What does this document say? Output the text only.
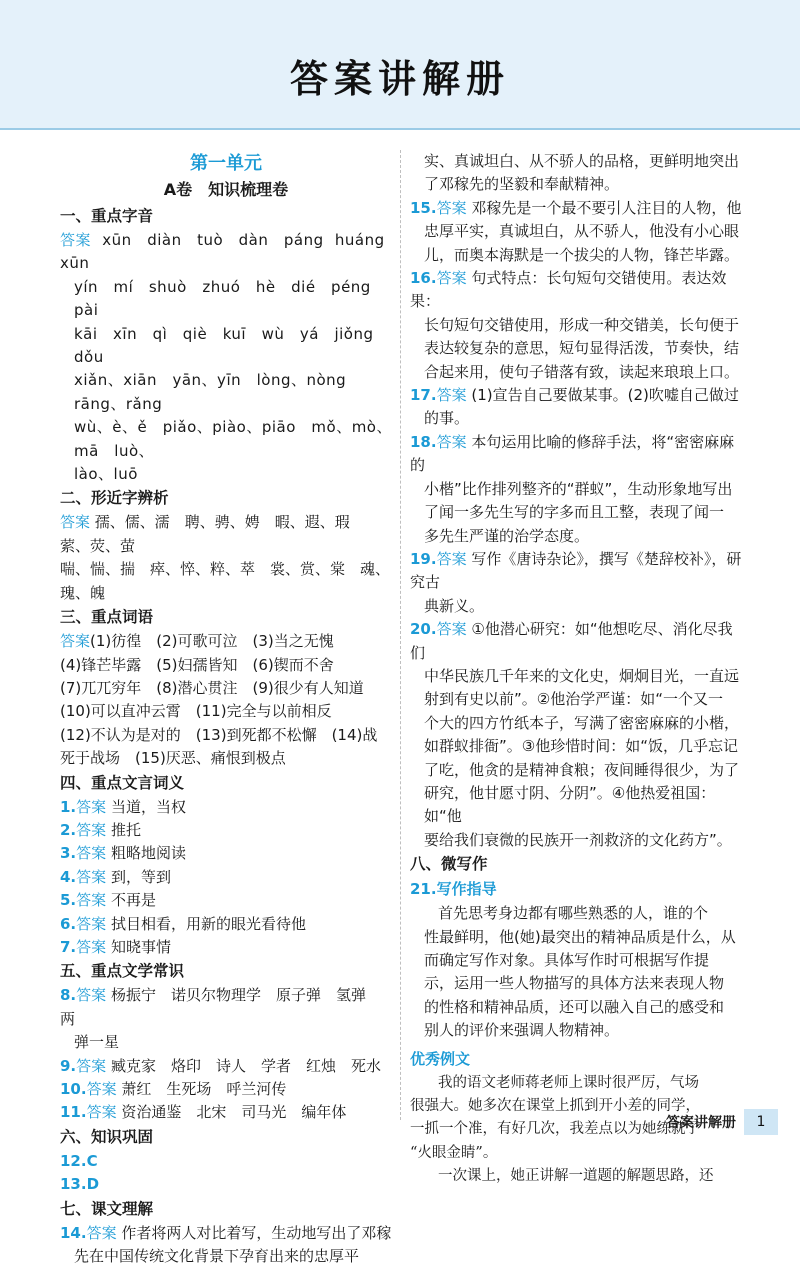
答案讲解册
第一单元
A卷　知识梳理卷
一、重点字音

答案 xūn　diàn　tuò　dàn　páng huáng　xūn

yín　mí　shuò　zhuó　hè　dié　péng pài

kāi　xīn　qì　qiè　kuī　wù　yá　jiǒng　dǒu

xiǎn、xiān　yān、yīn　lòng、nòng　rāng、rǎng

wù、è、ě　piǎo、piào、piāo　mǒ、mò、mā　luò、

lào、luō

二、形近字辨析

答案 孺、儒、濡　聘、骋、娉　暇、遐、瑕　萦、荧、萤

喘、惴、揣　瘁、悴、粹、萃　裳、赏、棠　魂、瑰、魄

三、重点词语

答案(1)彷徨　(2)可歌可泣　(3)当之无愧

(4)锋芒毕露　(5)妇孺皆知　(6)锲而不舍

(7)兀兀穷年　(8)潜心贯注　(9)很少有人知道

(10)可以直冲云霄　(11)完全与以前相反

(12)不认为是对的　(13)到死都不松懈　(14)战

死于战场　(15)厌恶、痛恨到极点

四、重点文言词义

1.答案 当道，当权

2.答案 推托

3.答案 粗略地阅读

4.答案 到，等到

5.答案 不再是

6.答案 拭目相看，用新的眼光看待他

7.答案 知晓事情

五、重点文学常识

8.答案 杨振宁　诺贝尔物理学　原子弹　氢弹　两

弹一星

9.答案 臧克家　烙印　诗人　学者　红烛　死水

10.答案 萧红　生死场　呼兰河传

11.答案 资治通鉴　北宋　司马光　编年体

六、知识巩固

12.C

13.D

七、课文理解

14.答案 作者将两人对比着写，生动地写出了邓稼

先在中国传统文化背景下孕育出来的忠厚平

实、真诚坦白、从不骄人的品格，更鲜明地突出

了邓稼先的坚毅和奉献精神。

15.答案 邓稼先是一个最不要引人注目的人物，他

忠厚平实，真诚坦白，从不骄人，他没有小心眼

儿，而奥本海默是一个拔尖的人物，锋芒毕露。

16.答案 句式特点：长句短句交错使用。表达效果：

长句短句交错使用，形成一种交错美，长句便于

表达较复杂的意思，短句显得活泼，节奏快，结

合起来用，使句子错落有致，读起来琅琅上口。

17.答案 (1)宣告自己要做某事。(2)吹嘘自己做过

的事。

18.答案 本句运用比喻的修辞手法，将“密密麻麻的

小楷”比作排列整齐的“群蚁”，生动形象地写出

了闻一多先生写的字多而且工整，表现了闻一

多先生严谨的治学态度。

19.答案 写作《唐诗杂论》，撰写《楚辞校补》，研究古

典新义。

20.答案 ①他潜心研究：如“他想吃尽、消化尽我们

中华民族几千年来的文化史，炯炯目光，一直远

射到有史以前”。②他治学严谨：如“一个又一

个大的四方竹纸本子，写满了密密麻麻的小楷，

如群蚁排衙”。③他珍惜时间：如“饭，几乎忘记

了吃，他贪的是精神食粮；夜间睡得很少，为了

研究，他甘愿寸阴、分阴”。④他热爱祖国：如“他

要给我们衰微的民族开一剂救济的文化药方”。

八、微写作
21.写作指导

首先思考身边都有哪些熟悉的人，谁的个

性最鲜明，他(她)最突出的精神品质是什么，从

而确定写作对象。具体写作时可根据写作提

示，运用一些人物描写的具体方法来表现人物

的性格和精神品质，还可以融入自己的感受和

别人的评价来强调人物精神。

优秀例文

我的语文老师蒋老师上课时很严厉，气场

很强大。她多次在课堂上抓到开小差的同学，

一抓一个准，有好几次，我差点以为她练就了

“火眼金睛”。

一次课上，她正讲解一道题的解题思路，还

答案讲解册	1
